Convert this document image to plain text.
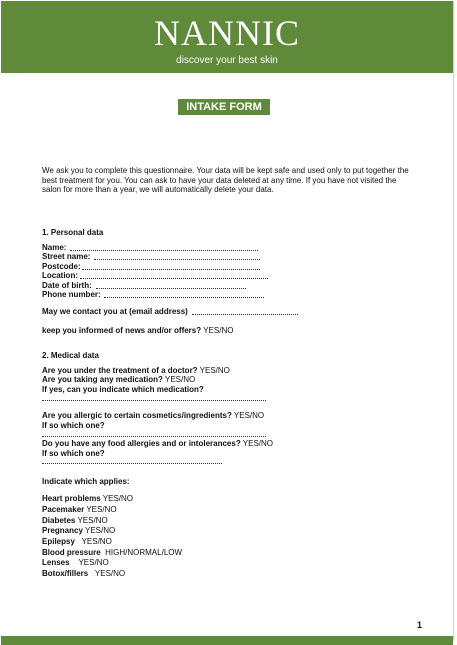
NANNIC
discover your best skin
INTAKE FORM
We ask you to complete this questionnaire. Your data will be kept safe and used only to put together the best treatment for you. You can ask to have your data deleted at any time. If you have not visited the salon for more than a year, we will automatically delete your data.
1. Personal data
Name:
Street name:
Postcode:
Location:
Date of birth:
Phone number:
May we contact you at (email address)
keep you informed of news and/or offers? YES/NO
2. Medical data
Are you under the treatment of a doctor? YES/NO
Are you taking any medication? YES/NO
If yes, can you indicate which medication?
Are you allergic to certain cosmetics/ingredients? YES/NO
If so which one?
Do you have any food allergies and or intolerances? YES/NO
If so which one?
Indicate which applies:
Heart problems YES/NO
Pacemaker YES/NO
Diabetes YES/NO
Pregnancy YES/NO
Epilepsy YES/NO
Blood pressure HIGH/NORMAL/LOW
Lenses YES/NO
Botox/fillers YES/NO
1
